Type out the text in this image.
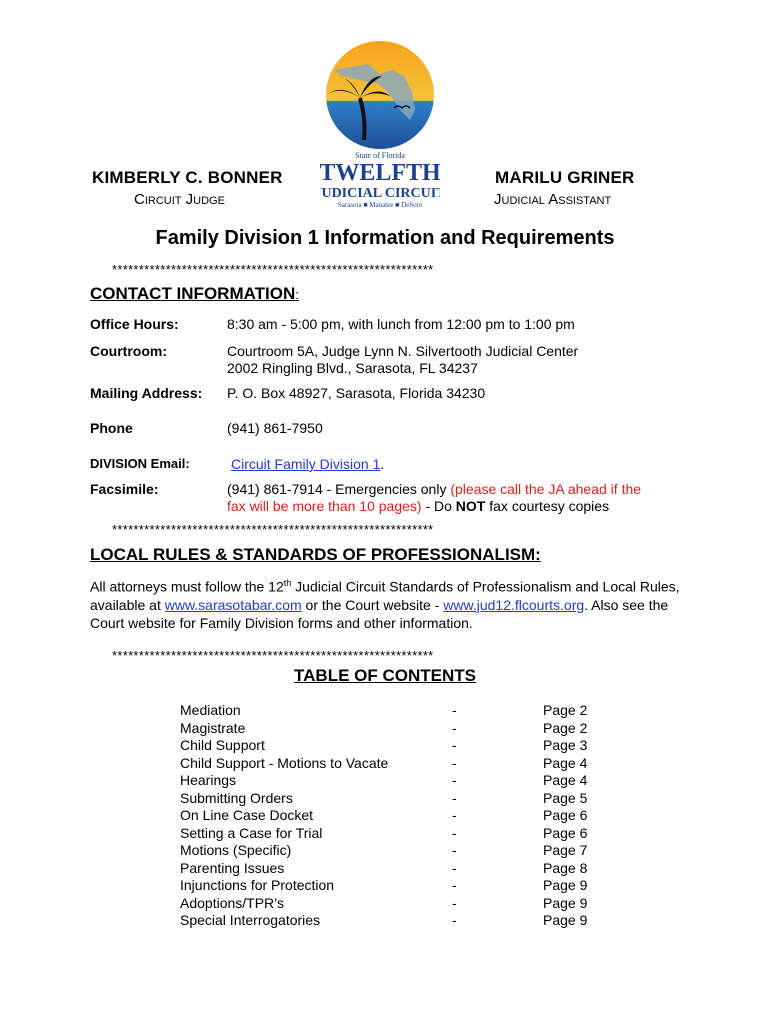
State of Florida
TWELFTH
JUDICIAL CIRCUIT
Sarasota ■ Manatee ■ DeSoto
KIMBERLY C. BONNER
Circuit Judge
MARILU GRINER
Judicial Assistant
Family Division 1 Information and Requirements
************************************************************
CONTACT INFORMATION:
Office Hours:	8:30 am - 5:00 pm, with lunch from 12:00 pm to 1:00 pm
Courtroom:	Courtroom 5A, Judge Lynn N. Silvertooth Judicial Center
2002 Ringling Blvd., Sarasota, FL 34237
Mailing Address: P. O. Box 48927, Sarasota, Florida 34230
Phone	(941) 861-7950
DIVISION Email:	Circuit Family Division 1.
Facsimile:	(941) 861-7914 - Emergencies only (please call the JA ahead if the
fax will be more than 10 pages) - Do NOT fax courtesy copies
************************************************************
LOCAL RULES & STANDARDS OF PROFESSIONALISM:
All attorneys must follow the 12th Judicial Circuit Standards of Professionalism and Local Rules, available at www.sarasotabar.com or the Court website - www.jud12.flcourts.org. Also see the Court website for Family Division forms and other information.
************************************************************
TABLE OF CONTENTS
Mediation	-	Page 2
Magistrate	-	Page 2
Child Support	-	Page 3
Child Support - Motions to Vacate	-	Page 4
Hearings	-	Page 4
Submitting Orders	-	Page 5
On Line Case Docket	-	Page 6
Setting a Case for Trial	-	Page 6
Motions (Specific)	-	Page 7
Parenting Issues	-	Page 8
Injunctions for Protection	-	Page 9
Adoptions/TPR’s	-	Page 9
Special Interrogatories	-	Page 9
